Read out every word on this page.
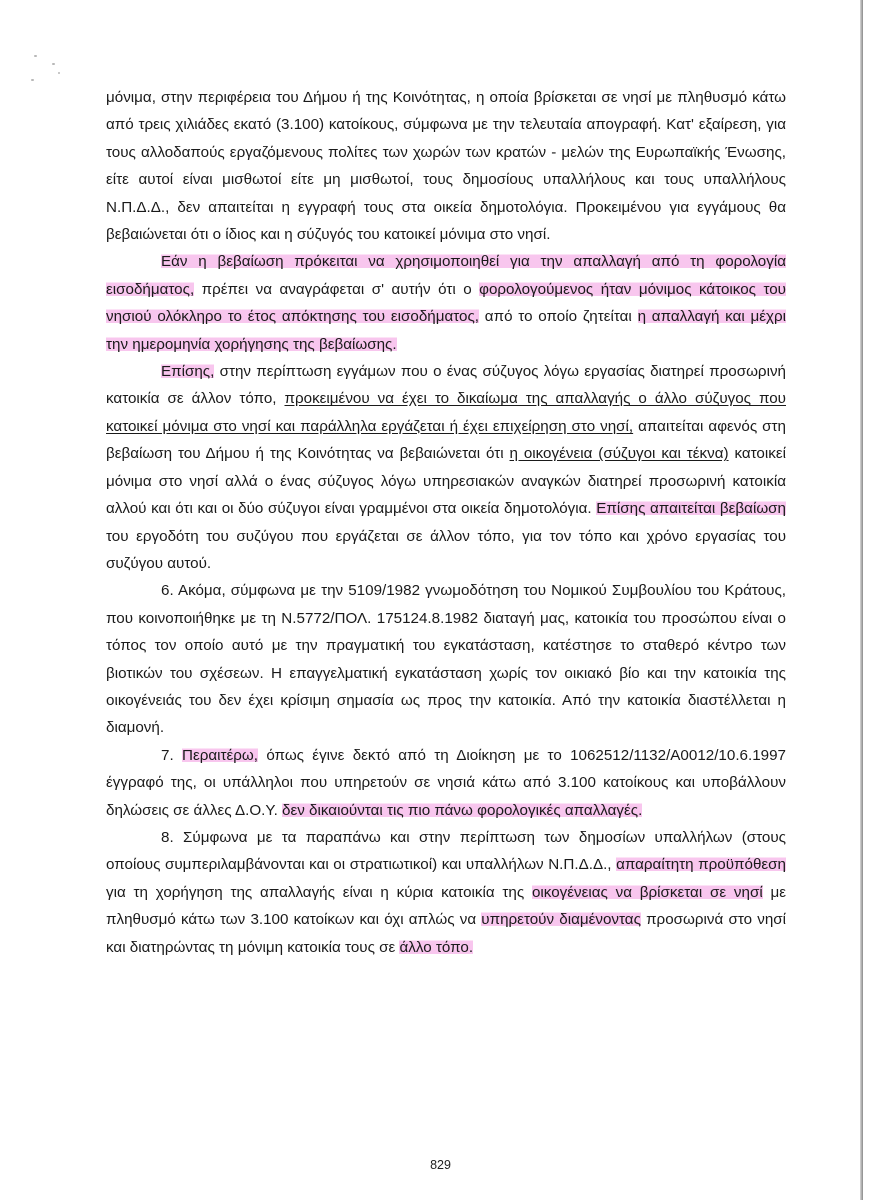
μόνιμα, στην περιφέρεια του Δήμου ή της Κοινότητας, η οποία βρίσκεται σε νησί με πληθυσμό κάτω από τρεις χιλιάδες εκατό (3.100) κατοίκους, σύμφωνα με την τελευταία απογραφή. Κατ' εξαίρεση, για τους αλλοδαπούς εργαζόμενους πολίτες των χωρών των κρατών - μελών της Ευρωπαϊκής Ένωσης, είτε αυτοί είναι μισθωτοί είτε μη μισθωτοί, τους δημοσίους υπαλλήλους και τους υπαλλήλους Ν.Π.Δ.Δ., δεν απαιτείται η εγγραφή τους στα οικεία δημοτολόγια. Προκειμένου για εγγάμους θα βεβαιώνεται ότι ο ίδιος και η σύζυγός του κατοικεί μόνιμα στο νησί.

Εάν η βεβαίωση πρόκειται να χρησιμοποιηθεί για την απαλλαγή από τη φορολογία εισοδήματος, πρέπει να αναγράφεται σ' αυτήν ότι ο φορολογούμενος ήταν μόνιμος κάτοικος του νησιού ολόκληρο το έτος απόκτησης του εισοδήματος, από το οποίο ζητείται η απαλλαγή και μέχρι την ημερομηνία χορήγησης της βεβαίωσης.

Επίσης, στην περίπτωση εγγάμων που ο ένας σύζυγος λόγω εργασίας διατηρεί προσωρινή κατοικία σε άλλον τόπο, προκειμένου να έχει το δικαίωμα της απαλλαγής ο άλλο σύζυγος που κατοικεί μόνιμα στο νησί και παράλληλα εργάζεται ή έχει επιχείρηση στο νησί, απαιτείται αφενός στη βεβαίωση του Δήμου ή της Κοινότητας να βεβαιώνεται ότι η οικογένεια (σύζυγοι και τέκνα) κατοικεί μόνιμα στο νησί αλλά ο ένας σύζυγος λόγω υπηρεσιακών αναγκών διατηρεί προσωρινή κατοικία αλλού και ότι και οι δύο σύζυγοι είναι γραμμένοι στα οικεία δημοτολόγια. Επίσης απαιτείται βεβαίωση του εργοδότη του συζύγου που εργάζεται σε άλλον τόπο, για τον τόπο και χρόνο εργασίας του συζύγου αυτού.

6. Ακόμα, σύμφωνα με την 5109/1982 γνωμοδότηση του Νομικού Συμβουλίου του Κράτους, που κοινοποιήθηκε με τη Ν.5772/ΠΟΛ. 175124.8.1982 διαταγή μας, κατοικία του προσώπου είναι ο τόπος τον οποίο αυτό με την πραγματική του εγκατάσταση, κατέστησε το σταθερό κέντρο των βιοτικών του σχέσεων. Η επαγγελματική εγκατάσταση χωρίς τον οικιακό βίο και την κατοικία της οικογένειάς του δεν έχει κρίσιμη σημασία ως προς την κατοικία. Από την κατοικία διαστέλλεται η διαμονή.

7. Περαιτέρω, όπως έγινε δεκτό από τη Διοίκηση με το 1062512/1132/Α0012/10.6.1997 έγγραφό της, οι υπάλληλοι που υπηρετούν σε νησιά κάτω από 3.100 κατοίκους και υποβάλλουν δηλώσεις σε άλλες Δ.Ο.Υ. δεν δικαιούνται τις πιο πάνω φορολογικές απαλλαγές.

8. Σύμφωνα με τα παραπάνω και στην περίπτωση των δημοσίων υπαλλήλων (στους οποίους συμπεριλαμβάνονται και οι στρατιωτικοί) και υπαλλήλων Ν.Π.Δ.Δ., απαραίτητη προϋπόθεση για τη χορήγηση της απαλλαγής είναι η κύρια κατοικία της οικογένειας να βρίσκεται σε νησί με πληθυσμό κάτω των 3.100 κατοίκων και όχι απλώς να υπηρετούν διαμένοντας προσωρινά στο νησί και διατηρώντας τη μόνιμη κατοικία τους σε άλλο τόπο.

829
